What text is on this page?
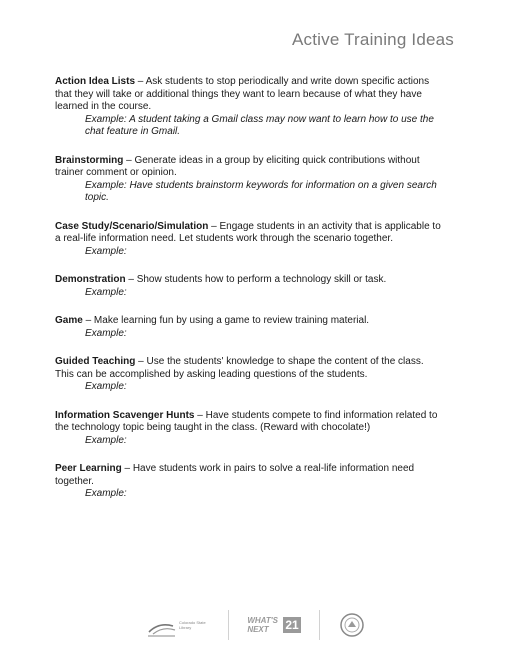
Active Training Ideas
Action Idea Lists – Ask students to stop periodically and write down specific actions that they will take or additional things they want to learn because of what they have learned in the course.
Example: A student taking a Gmail class may now want to learn how to use the chat feature in Gmail.
Brainstorming – Generate ideas in a group by eliciting quick contributions without trainer comment or opinion.
Example: Have students brainstorm keywords for information on a given search topic.
Case Study/Scenario/Simulation – Engage students in an activity that is applicable to a real-life information need. Let students work through the scenario together.
Example:
Demonstration – Show students how to perform a technology skill or task.
Example:
Game – Make learning fun by using a game to review training material.
Example:
Guided Teaching – Use the students' knowledge to shape the content of the class. This can be accomplished by asking leading questions of the students.
Example:
Information Scavenger Hunts – Have students compete to find information related to the technology topic being taught in the class. (Reward with chocolate!)
Example:
Peer Learning – Have students work in pairs to solve a real-life information need together.
Example:
Colorado State Library
WHAT'S NEXT	21
